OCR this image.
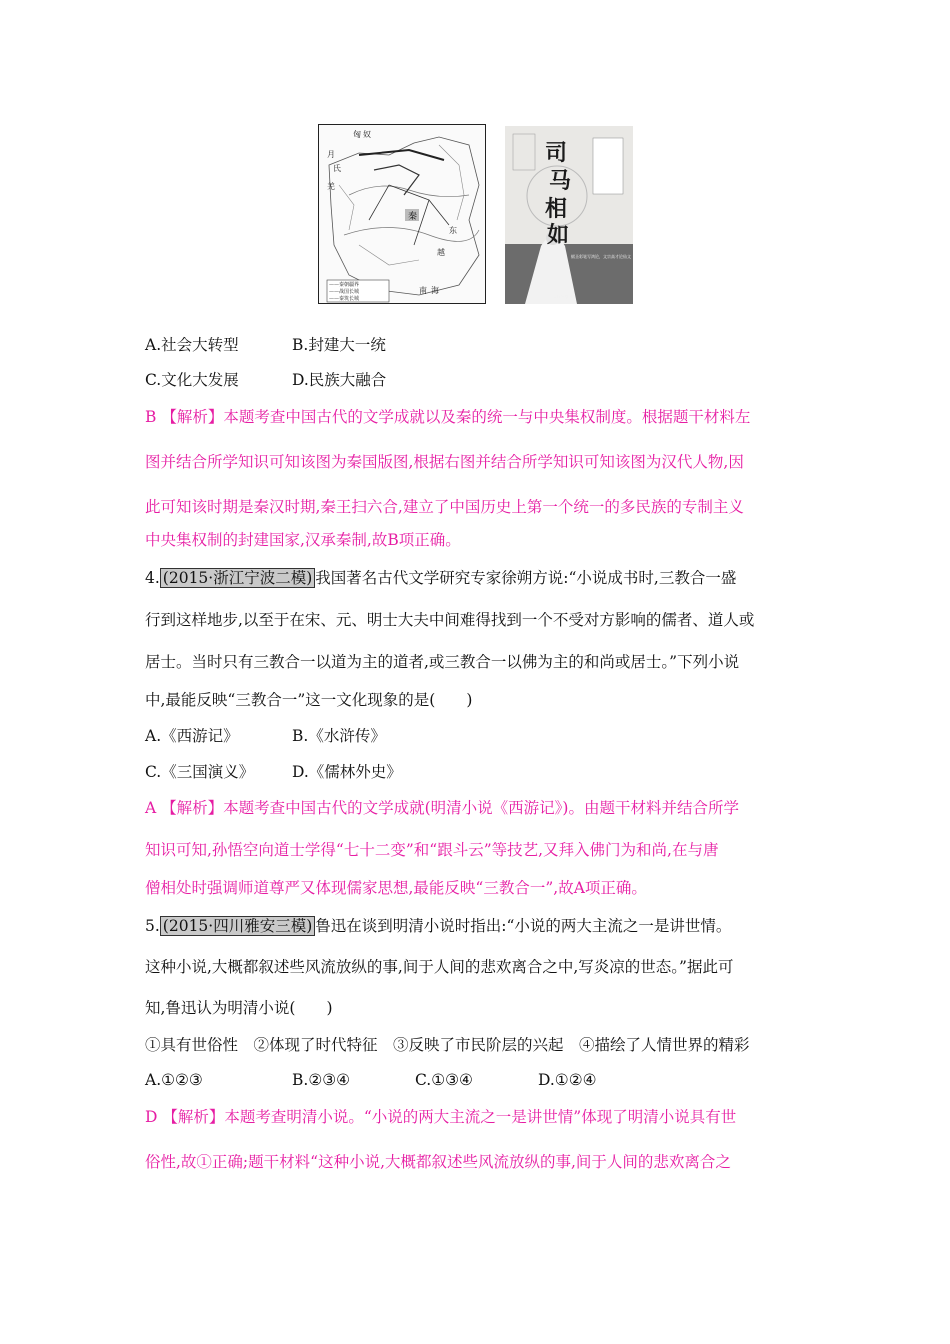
匈 奴
月
氏
羌
秦
东
越
南 海
——秦朝疆界
——战国长城
——秦筑长城
司
马
相
如
赋圣彩笔写鸿论，文宗高才论仙文
人民出版社
A.社会大转型	B.封建大一统
C.文化大发展	D.民族大融合
B 【解析】本题考查中国古代的文学成就以及秦的统一与中央集权制度。根据题干材料左
图并结合所学知识可知该图为秦国版图,根据右图并结合所学知识可知该图为汉代人物,因
此可知该时期是秦汉时期,秦王扫六合,建立了中国历史上第一个统一的多民族的专制主义
中央集权制的封建国家,汉承秦制,故B项正确。
4. (2015·浙江宁波二模) 我国著名古代文学研究专家徐朔方说:“小说成书时,三教合一盛
行到这样地步,以至于在宋、元、明士大夫中间难得找到一个不受对方影响的儒者、道人或
居士。当时只有三教合一以道为主的道者,或三教合一以佛为主的和尚或居士。”下列小说
中,最能反映“三教合一”这一文化现象的是(　　)
A.《西游记》	B.《水浒传》
C.《三国演义》 D.《儒林外史》
A 【解析】本题考查中国古代的文学成就(明清小说《西游记》)。由题干材料并结合所学
知识可知,孙悟空向道士学得“七十二变”和“跟斗云”等技艺,又拜入佛门为和尚,在与唐
僧相处时强调师道尊严又体现儒家思想,最能反映“三教合一”,故A项正确。
5. (2015·四川雅安三模) 鲁迅在谈到明清小说时指出:“小说的两大主流之一是讲世情。
这种小说,大概都叙述些风流放纵的事,间于人间的悲欢离合之中,写炎凉的世态。”据此可
知,鲁迅认为明清小说(　　)
①具有世俗性　②体现了时代特征　③反映了市民阶层的兴起　④描绘了人情世界的精彩
A.①②③	B.②③④	C.①③④	D.①②④
D 【解析】本题考查明清小说。“小说的两大主流之一是讲世情”体现了明清小说具有世
俗性,故①正确;题干材料“这种小说,大概都叙述些风流放纵的事,间于人间的悲欢离合之
